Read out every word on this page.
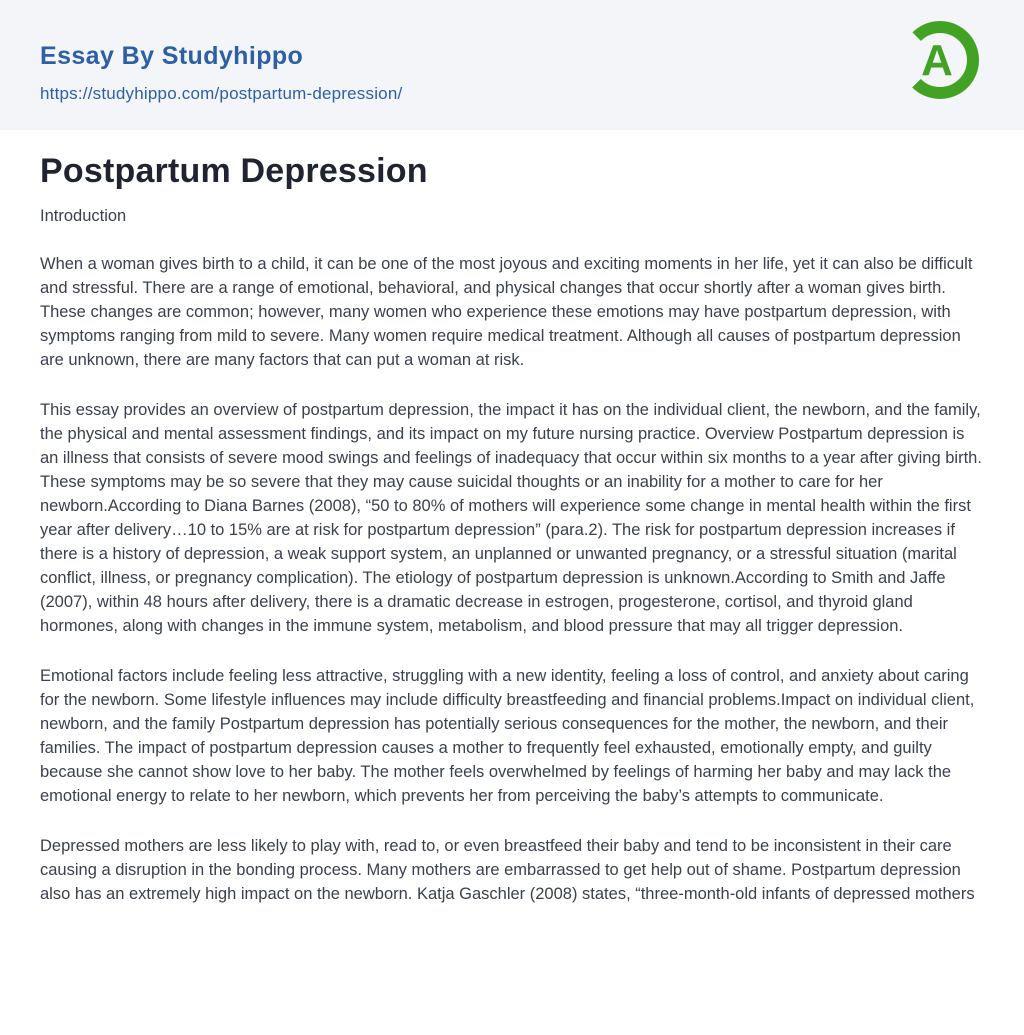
Essay By Studyhippo
https://studyhippo.com/postpartum-depression/
A
Postpartum Depression
Introduction

When a woman gives birth to a child, it can be one of the most joyous and exciting moments in her life, yet it can also be difficult and stressful. There are a range of emotional, behavioral, and physical changes that occur shortly after a woman gives birth. These changes are common; however, many women who experience these emotions may have postpartum depression, with symptoms ranging from mild to severe. Many women require medical treatment. Although all causes of postpartum depression are unknown, there are many factors that can put a woman at risk.

This essay provides an overview of postpartum depression, the impact it has on the individual client, the newborn, and the family, the physical and mental assessment findings, and its impact on my future nursing practice. Overview Postpartum depression is an illness that consists of severe mood swings and feelings of inadequacy that occur within six months to a year after giving birth. These symptoms may be so severe that they may cause suicidal thoughts or an inability for a mother to care for her newborn.According to Diana Barnes (2008), “50 to 80% of mothers will experience some change in mental health within the first year after delivery…10 to 15% are at risk for postpartum depression” (para.2). The risk for postpartum depression increases if there is a history of depression, a weak support system, an unplanned or unwanted pregnancy, or a stressful situation (marital conflict, illness, or pregnancy complication). The etiology of postpartum depression is unknown.According to Smith and Jaffe (2007), within 48 hours after delivery, there is a dramatic decrease in estrogen, progesterone, cortisol, and thyroid gland hormones, along with changes in the immune system, metabolism, and blood pressure that may all trigger depression.

Emotional factors include feeling less attractive, struggling with a new identity, feeling a loss of control, and anxiety about caring for the newborn. Some lifestyle influences may include difficulty breastfeeding and financial problems.Impact on individual client, newborn, and the family Postpartum depression has potentially serious consequences for the mother, the newborn, and their families. The impact of postpartum depression causes a mother to frequently feel exhausted, emotionally empty, and guilty because she cannot show love to her baby. The mother feels overwhelmed by feelings of harming her baby and may lack the emotional energy to relate to her newborn, which prevents her from perceiving the baby’s attempts to communicate.

Depressed mothers are less likely to play with, read to, or even breastfeed their baby and tend to be inconsistent in their care causing a disruption in the bonding process. Many mothers are embarrassed to get help out of shame. Postpartum depression also has an extremely high impact on the newborn. Katja Gaschler (2008) states, “three-month-old infants of depressed mothers
